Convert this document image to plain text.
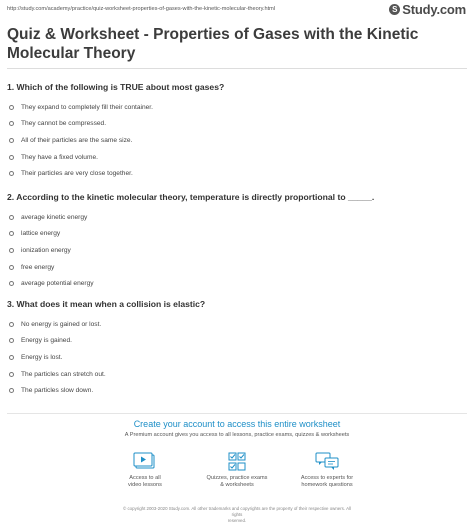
http://study.com/academy/practice/quiz-worksheet-properties-of-gases-with-the-kinetic-molecular-theory.html	S Study.com
Quiz & Worksheet - Properties of Gases with the Kinetic Molecular Theory
1. Which of the following is TRUE about most gases?
They expand to completely fill their container.
They cannot be compressed.
All of their particles are the same size.
They have a fixed volume.
Their particles are very close together.
2. According to the kinetic molecular theory, temperature is directly proportional to _____.
average kinetic energy
lattice energy
ionization energy
free energy
average potential energy
3. What does it mean when a collision is elastic?
No energy is gained or lost.
Energy is gained.
Energy is lost.
The particles can stretch out.
The particles slow down.
Create your account to access this entire worksheet
A Premium account gives you access to all lessons, practice exams, quizzes & worksheets
Access to all
video lessons
Quizzes, practice exams
& worksheets
Access to experts for
homework questions
© copyright 2003-2020 Study.com. All other trademarks and copyrights are the property of their respective owners. All rights
reserved.
